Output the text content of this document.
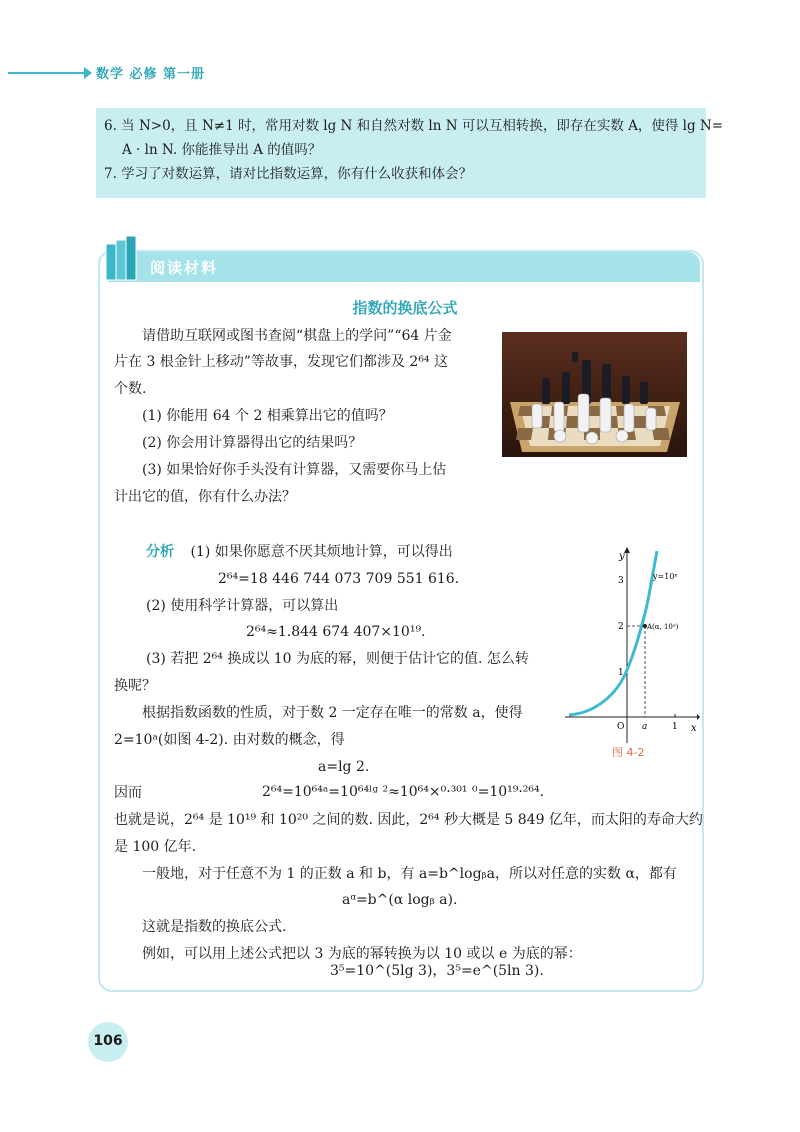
数学 必修 第一册
6. 当 N>0，且 N≠1 时，常用对数 lg N 和自然对数 ln N 可以互相转换，即存在实数 A，使得 lg N=
A · ln N. 你能推导出 A 的值吗？
7. 学习了对数运算，请对比指数运算，你有什么收获和体会？
阅读材料
指数的换底公式
请借助互联网或图书查阅“棋盘上的学问”“64 片金
片在 3 根金针上移动”等故事，发现它们都涉及 2⁶⁴ 这
个数.
(1) 你能用 64 个 2 相乘算出它的值吗？
(2) 你会用计算器得出它的结果吗？
(3) 如果恰好你手头没有计算器，又需要你马上估
计出它的值，你有什么办法？
分析 (1) 如果你愿意不厌其烦地计算，可以得出
2⁶⁴=18 446 744 073 709 551 616.
(2) 使用科学计算器，可以算出
2⁶⁴≈1.844 674 407×10¹⁹.
(3) 若把 2⁶⁴ 换成以 10 为底的幂，则便于估计它的值. 怎么转
换呢？
根据指数函数的性质，对于数 2 一定存在唯一的常数 a，使得
2=10ᵃ(如图 4-2). 由对数的概念，得
a=lg 2.
因而	2⁶⁴=10⁶⁴ᵃ=10⁶⁴ˡᵍ ²≈10⁶⁴×⁰·³⁰¹ ⁰=10¹⁹·²⁶⁴.
也就是说，2⁶⁴ 是 10¹⁹ 和 10²⁰ 之间的数. 因此，2⁶⁴ 秒大概是 5 849 亿年，而太阳的寿命大约
是 100 亿年.
一般地，对于任意不为 1 的正数 a 和 b，有 a=b^logᵦa，所以对任意的实数 α，都有
aᵅ=b^(α logᵦ a).
这就是指数的换底公式.
例如，可以用上述公式把以 3 为底的幂转换为以 10 或以 e 为底的幂：
3⁵=10^(5lg 3)，3⁵=e^(5ln 3).
y
x
O
y=10ˣ
A(α, 10ᵅ)
1
2
3
a	1
图 4-2
106
